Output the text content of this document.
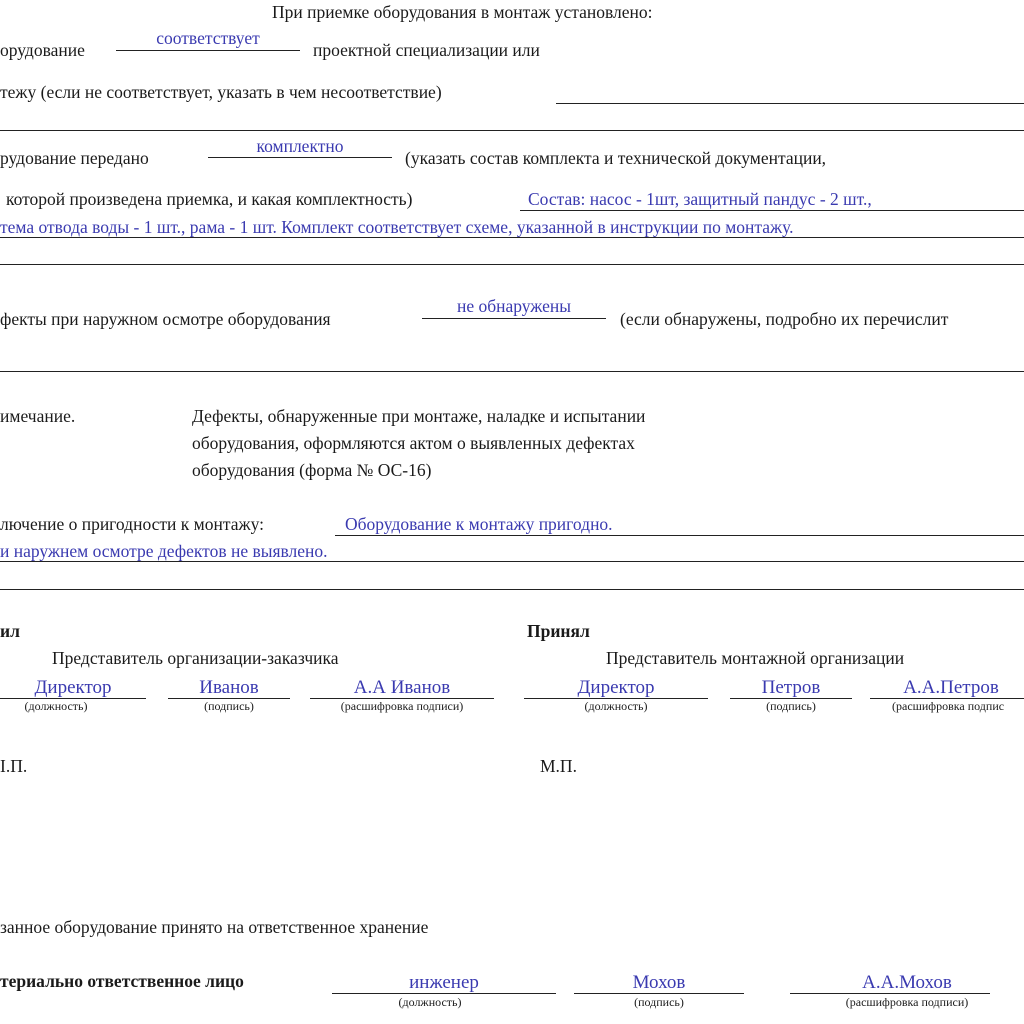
При приемке оборудования в монтаж установлено:
орудование
соответствует
проектной специализации или
тежу (если не соответствует, указать в чем несоответствие)
рудование передано
комплектно
(указать состав комплекта и технической документации,
которой произведена приемка, и какая комплектность)	Состав: насос - 1шт, защитный пандус - 2 шт.,
тема отвода воды - 1 шт., рама - 1 шт. Комплект соответствует схеме, указанной в инструкции по монтажу.
фекты при наружном осмотре оборудования
не обнаружены
(если обнаружены, подробно их перечислит
имечание.	Дефекты, обнаруженные при монтаже, наладке и испытании
оборудования, оформляются актом о выявленных дефектах
оборудования (форма № ОС-16)
лючение о пригодности к монтажу:	Оборудование к монтажу пригодно.
и наружнем осмотре дефектов не выявлено.
ил
Представитель организации-заказчика
Директор
(должность)
Иванов
(подпись)
А.А Иванов
(расшифровка подписи)
І.П.
Принял
Представитель монтажной организации
Директор
(должность)
Петров
(подпись)
А.А.Петров
(расшифровка подпис
М.П.
занное оборудование принято на ответственное хранение
териально ответственное лицо	инженер
(должность)
Мохов
(подпись)
А.А.Мохов
(расшифровка подписи)
